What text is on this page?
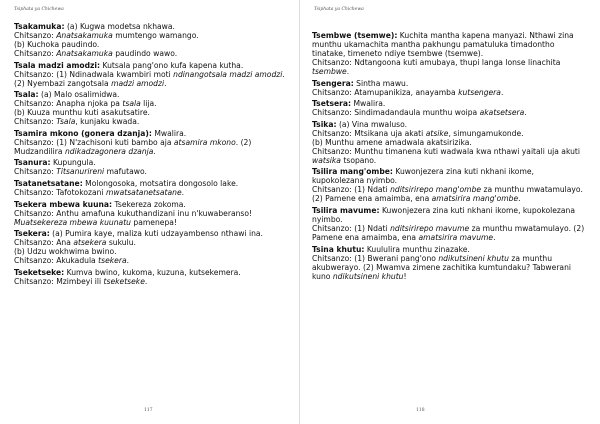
Tsiphata ya Chichewa

Tsakamuka: (a) Kugwa modetsa nkhawa.

Chitsanzo: Anatsakamuka mumtengo wamango.

(b) Kuchoka paudindo.

Chitsanzo: Anatsakamuka paudindo wawo.

Tsala madzi amodzi: Kutsala pang'ono kufa kapena kutha.

Chitsanzo: (1) Ndinadwala kwambiri moti ndinangotsala madzi amodzi. (2) Nyembazi zangotsala madzi amodzi.

Tsala: (a) Malo osalimidwa.

Chitsanzo: Anapha njoka pa tsala lija.

(b) Kuuza munthu kuti asakutsatire.

Chitsanzo: Tsala, kunjaku kwada.

Tsamira mkono (gonera dzanja): Mwalira.

Chitsanzo: (1) N'zachisoni kuti bambo aja atsamira mkono. (2) Mudzandilira ndikadzagonera dzanja.

Tsanura: Kupungula.

Chitsanzo: Titsanurireni mafutawo.

Tsatanetsatane: Molongosoka, motsatira dongosolo lake.

Chitsanzo: Tafotokozani mwatsatanetsatane.

Tsekera mbewa kuuna: Tsekereza zokoma.

Chitsanzo: Anthu amafuna kukuthandizani inu n'kuwaberanso! Muatsekereza mbewa kuunatu pamenepa!

Tsekera: (a) Pumira kaye, maliza kuti udzayambenso nthawi ina.

Chitsanzo: Ana atsekera sukulu.

(b) Udzu wokhwima bwino.

Chitsanzo: Akukadula tsekera.

Tseketseke: Kumva bwino, kukoma, kuzuna, kutsekemera.

Chitsanzo: Mzimbeyi ili tseketseke.

117
Tsiphata ya Chichewa

Tsembwe (tsemwe): Kuchita mantha kapena manyazi. Nthawi zina munthu ukamachita mantha pakhungu pamatuluka timadontho tinatake, timeneto ndiye tsembwe (tsemwe).

Chitsanzo: Ndtangoona kuti amubaya, thupi langa lonse linachita tsembwe.

Tsengera: Sintha mawu.

Chitsanzo: Atamupanikiza, anayamba kutsengera.

Tsetsera: Mwalira.

Chitsanzo: Sindimadandaula munthu woipa akatsetsera.

Tsika: (a) Vina mwaluso.

Chitsanzo: Mtsikana uja akati atsike, simungamukonde.

(b) Munthu amene amadwala akatsirizika.

Chitsanzo: Munthu timanena kuti wadwala kwa nthawi yaitali uja akuti watsika tsopano.

Tsilira mang'ombe: Kuwonjezera zina kuti nkhani ikome, kupokolezana nyimbo.

Chitsanzo: (1) Ndati nditsirirepo mang'ombe za munthu mwatamulayo. (2) Pamene ena amaimba, ena amatsirira mang'ombe.

Tsilira mavume: Kuwonjezera zina kuti nkhani ikome, kupokolezana nyimbo.

Chitsanzo: (1) Ndati nditsirirepo mavume za munthu mwatamulayo. (2) Pamene ena amaimba, ena amatsirira mavume.

Tsina khutu: Kuululira munthu zinazake.

Chitsanzo: (1) Bwerani pang'ono ndikutsineni khutu za munthu akubwerayo. (2) Mwamva zimene zachitika kumtundaku? Tabwerani kuno ndikutsineni khutu!

118
